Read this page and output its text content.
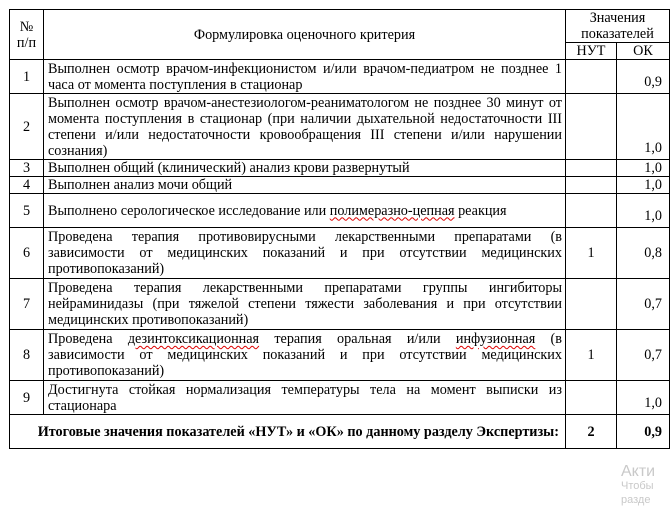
№
п/п	Формулировка оценочного критерия	Значения показателей	
		НУТ	ОК
1	Выполнен осмотр врачом-инфекционистом и/или врачом-педиатром не позднее 1 часа от момента поступления в стационар		0,9
2	Выполнен осмотр врачом-анестезиологом-реаниматологом не позднее 30 минут от момента поступления в стационар (при наличии дыхательной недостаточности III степени и/или недостаточности кровообращения III степени и/или нарушении сознания)		1,0
3	Выполнен общий (клинический) анализ крови развернутый		1,0
4	Выполнен анализ мочи общий		1,0
5	Выполнено серологическое исследование или полимеразно-цепная реакция		1,0
6	Проведена терапия противовирусными лекарственными препаратами (в зависимости от медицинских показаний и при отсутствии медицинских противопоказаний)	1	0,8
7	Проведена терапия лекарственными препаратами группы ингибиторы нейраминидазы (при тяжелой степени тяжести заболевания и при отсутствии медицинских противопоказаний)		0,7
8	Проведена дезинтоксикационная терапия оральная и/или инфузионная (в зависимости от медицинских показаний и при отсутствии медицинских противопоказаний)	1	0,7
9	Достигнута стойкая нормализация температуры тела на момент выписки из стационара		1,0
Итоговые значения показателей «НУТ» и «ОК» по данному разделу Экспертизы:		2	0,9
Акти
Чтобы
разде
